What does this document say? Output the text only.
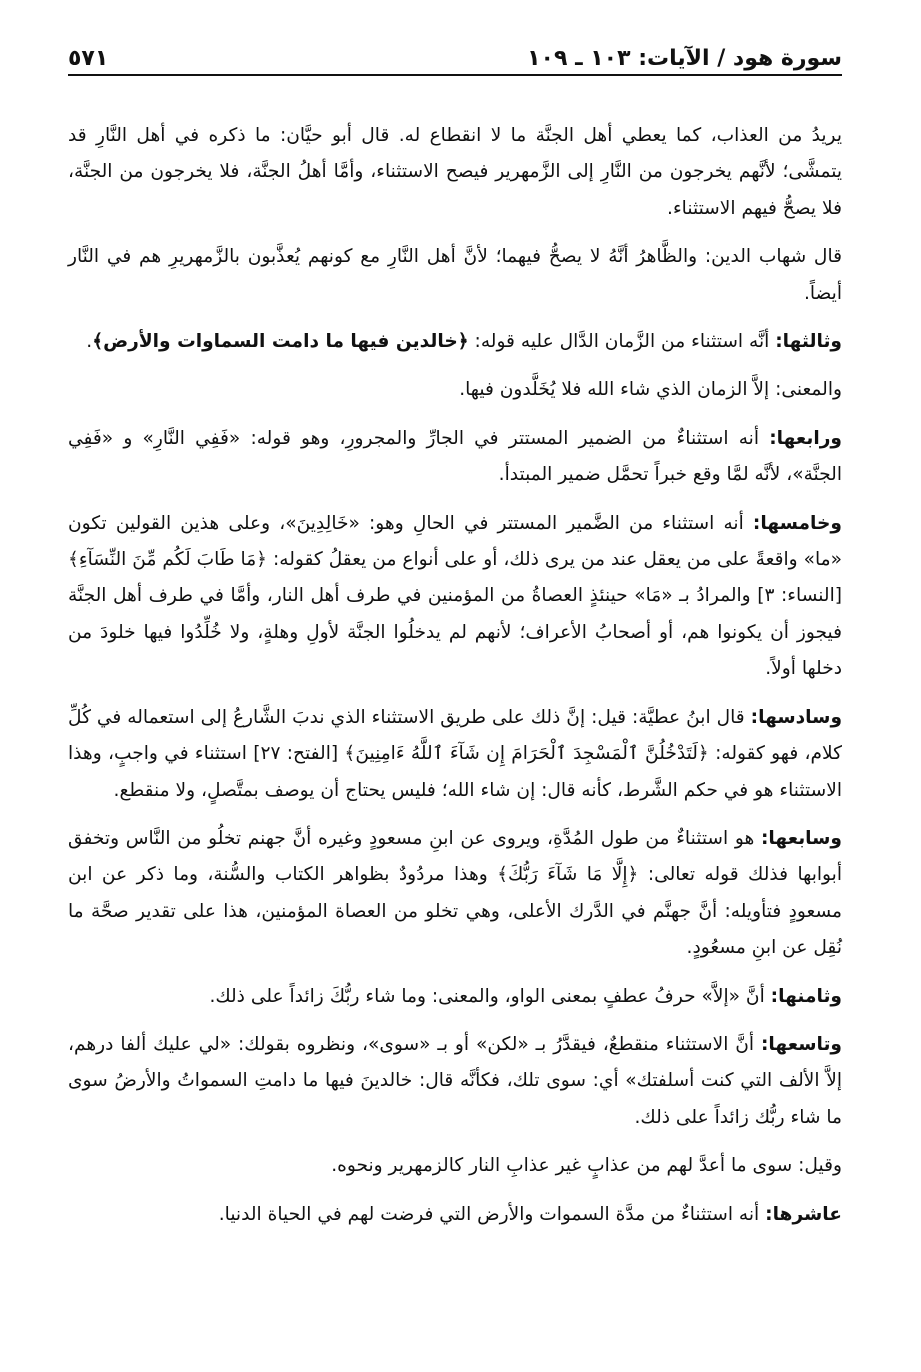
سورة هود / الآيات: ١٠٣ ـ ١٠٩
٥٧١

يريدُ من العذاب، كما يعطي أهل الجنَّة ما لا انقطاع له. قال أبو حيَّان: ما ذكره في أهل النَّارِ قد يتمشَّى؛ لأنَّهم يخرجون من النَّارِ إلى الزَّمهرير فيصح الاستثناء، وأمَّا أهلُ الجنَّة، فلا يخرجون من الجنَّة، فلا يصحُّ فيهم الاستثناء.

قال شهاب الدين: والظَّاهرُ أنَّهُ لا يصحُّ فيهما؛ لأنَّ أهل النَّارِ مع كونهم يُعذَّبون بالزَّمهريرِ هم في النَّار أيضاً.

وثالثها: أنَّه استثناء من الزَّمان الدَّال عليه قوله: ﴿خالدين فيها ما دامت السماوات والأرض﴾.

والمعنى: إلاَّ الزمان الذي شاء الله فلا يُخَلَّدون فيها.

ورابعها: أنه استثناءٌ من الضمير المستتر في الجارِّ والمجرورِ، وهو قوله: «فَفِي النَّارِ» و «فَفِي الجنَّة»، لأنَّه لمَّا وقع خبراً تحمَّل ضمير المبتدأ.

وخامسها: أنه استثناء من الضَّمير المستتر في الحالِ وهو: «خَالِدِينَ»، وعلى هذين القولين تكون «ما» واقعةً على من يعقل عند من يرى ذلك، أو على أنواع من يعقلُ كقوله: ﴿مَا طَابَ لَكُم مِّنَ النِّسَآءِ﴾ [النساء: ٣] والمرادُ بـ «مَا» حينئذٍ العصاةُ من المؤمنين في طرف أهل النار، وأمَّا في طرف أهل الجنَّة فيجوز أن يكونوا هم، أو أصحابُ الأعراف؛ لأنهم لم يدخلُوا الجنَّة لأولِ وهلةٍ، ولا خُلِّدُوا فيها خلودَ من دخلها أولاً.

وسادسها: قال ابنُ عطيَّة: قيل: إنَّ ذلك على طريق الاستثناء الذي ندبَ الشَّارعُ إلى استعماله في كُلِّ كلام، فهو كقوله: ﴿لَتَدْخُلُنَّ ٱلْمَسْجِدَ ٱلْحَرَامَ إِن شَآءَ ٱللَّهُ ءَامِنِينَ﴾ [الفتح: ٢٧] استثناء في واجبٍ، وهذا الاستثناء هو في حكم الشَّرط، كأنه قال: إن شاء الله؛ فليس يحتاج أن يوصف بمتَّصلٍ، ولا منقطع.

وسابعها: هو استثناءٌ من طول المُدَّةِ، ويروى عن ابنِ مسعودٍ وغيره أنَّ جهنم تخلُو من النَّاس وتخفق أبوابها فذلك قوله تعالى: ﴿إِلَّا مَا شَآءَ رَبُّكَ﴾ وهذا مردُودٌ بظواهر الكتاب والسُّنة، وما ذكر عن ابن مسعودٍ فتأويله: أنَّ جهنَّم في الدَّرك الأعلى، وهي تخلو من العصاة المؤمنين، هذا على تقدير صحَّة ما نُقِل عن ابنِ مسعُودٍ.

وثامنها: أنَّ «إلاَّ» حرفُ عطفٍ بمعنى الواو، والمعنى: وما شاء ربُّكَ زائداً على ذلك.

وتاسعها: أنَّ الاستثناء منقطعٌ، فيقدَّرُ بـ «لكن» أو بـ «سوى»، ونظروه بقولك: «لي عليك ألفا درهم، إلاَّ الألف التي كنت أسلفتك» أي: سوى تلك، فكأنَّه قال: خالدينَ فيها ما دامتِ السمواتُ والأرضُ سوى ما شاء ربُّك زائداً على ذلك.

وقيل: سوى ما أعدَّ لهم من عذابٍ غير عذابِ النار كالزمهرير ونحوه.

عاشرها: أنه استثناءٌ من مدَّة السموات والأرض التي فرضت لهم في الحياة الدنيا.
